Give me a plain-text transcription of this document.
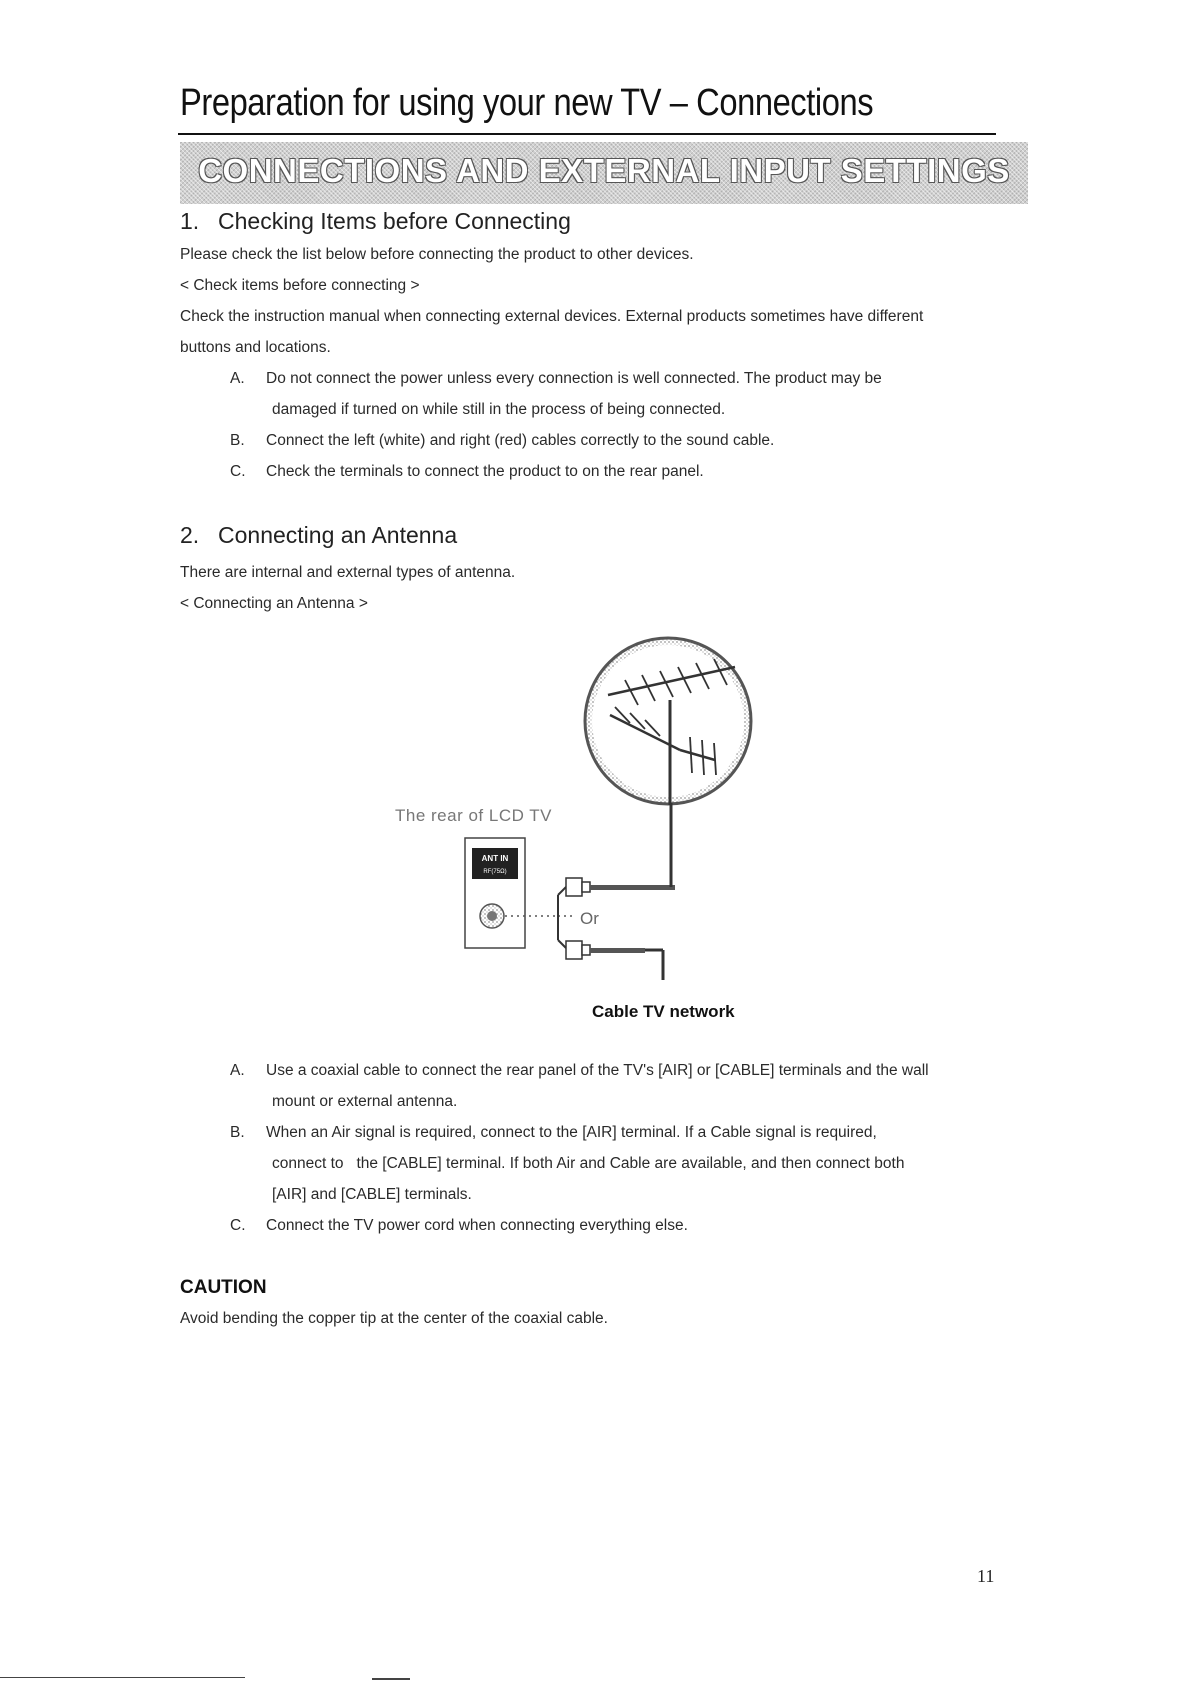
Preparation for using your new TV – Connections
CONNECTIONS AND EXTERNAL INPUT SETTINGS
1. Checking Items before Connecting
Please check the list below before connecting the product to other devices.
< Check items before connecting >
Check the instruction manual when connecting external devices. External products sometimes have different
buttons and locations.
A. Do not connect the power unless every connection is well connected. The product may be
damaged if turned on while still in the process of being connected.
B. Connect the left (white) and right (red) cables correctly to the sound cable.
C. Check the terminals to connect the product to on the rear panel.
2. Connecting an Antenna
There are internal and external types of antenna.
< Connecting an Antenna >
The rear of LCD TV
ANT IN
RF(75Ω)
Or
Cable TV network
A. Use a coaxial cable to connect the rear panel of the TV's [AIR] or [CABLE] terminals and the wall
mount or external antenna.
B. When an Air signal is required, connect to the [AIR] terminal. If a Cable signal is required,
connect to   the [CABLE] terminal. If both Air and Cable are available, and then connect both
[AIR] and [CABLE] terminals.
C. Connect the TV power cord when connecting everything else.
CAUTION
Avoid bending the copper tip at the center of the coaxial cable.
11
